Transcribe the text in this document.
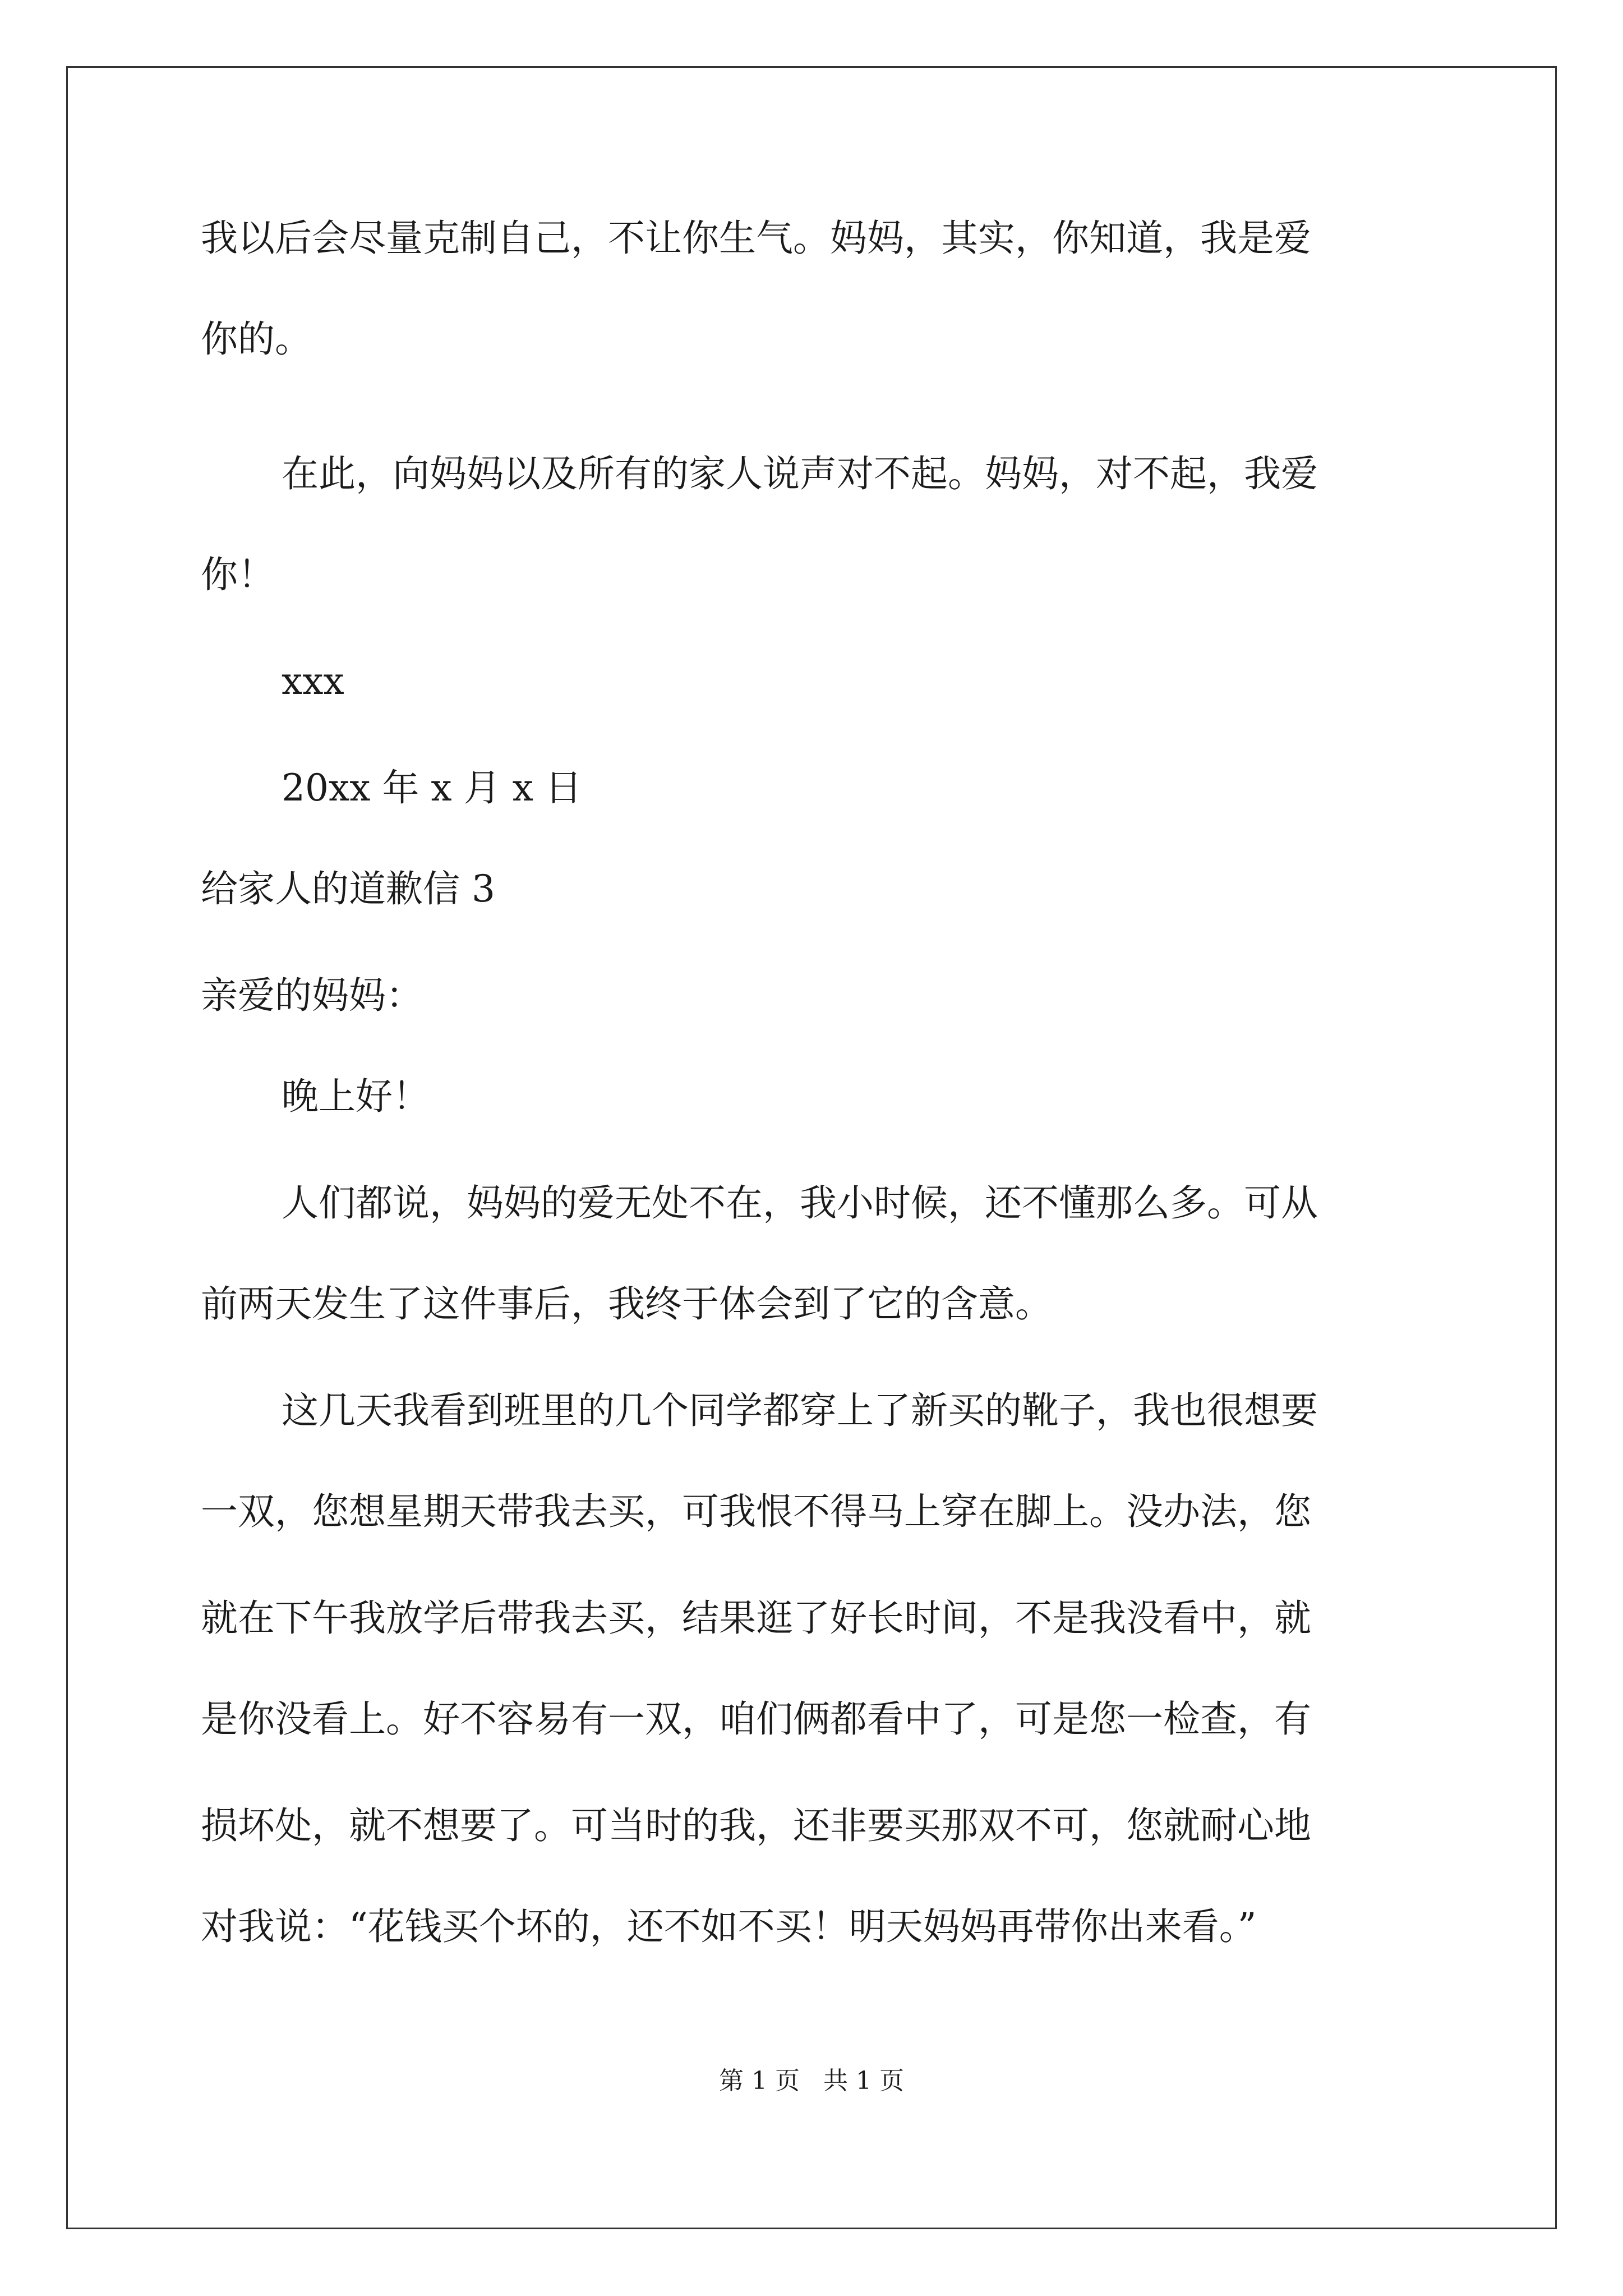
我以后会尽量克制自己，不让你生气。妈妈，其实，你知道，我是爱
你的。
在此，向妈妈以及所有的家人说声对不起。妈妈，对不起，我爱
你！
xxx
20xx 年 x 月 x 日
给家人的道歉信 3
亲爱的妈妈：
晚上好！
人们都说，妈妈的爱无处不在，我小时候，还不懂那么多。可从
前两天发生了这件事后，我终于体会到了它的含意。
这几天我看到班里的几个同学都穿上了新买的靴子，我也很想要
一双，您想星期天带我去买，可我恨不得马上穿在脚上。没办法，您
就在下午我放学后带我去买，结果逛了好长时间，不是我没看中，就
是你没看上。好不容易有一双，咱们俩都看中了，可是您一检查，有
损坏处，就不想要了。可当时的我，还非要买那双不可，您就耐心地
对我说：“花钱买个坏的，还不如不买！明天妈妈再带你出来看。”
第 1 页   共 1 页
